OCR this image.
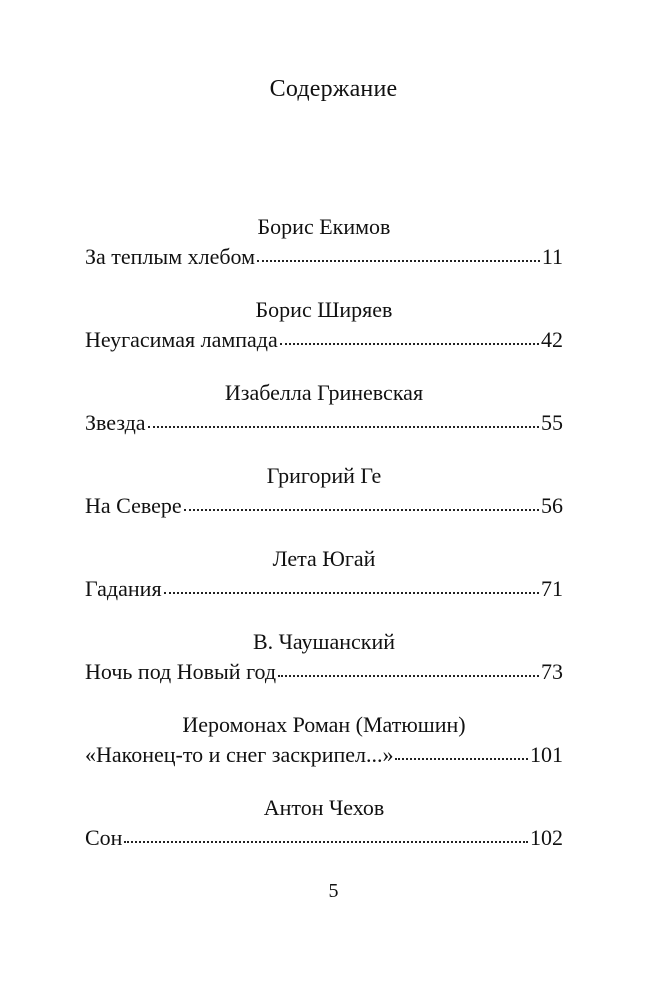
Содержание
Борис Екимов
За теплым хлебом	11
Борис Ширяев
Неугасимая лампада	42
Изабелла Гриневская
Звезда	55
Григорий Ге
На Севере	56
Лета Югай
Гадания	71
В. Чаушанский
Ночь под Новый год	73
Иеромонах Роман (Матюшин)
«Наконец-то и снег заскрипел...»	101
Антон Чехов
Сон	102
5
